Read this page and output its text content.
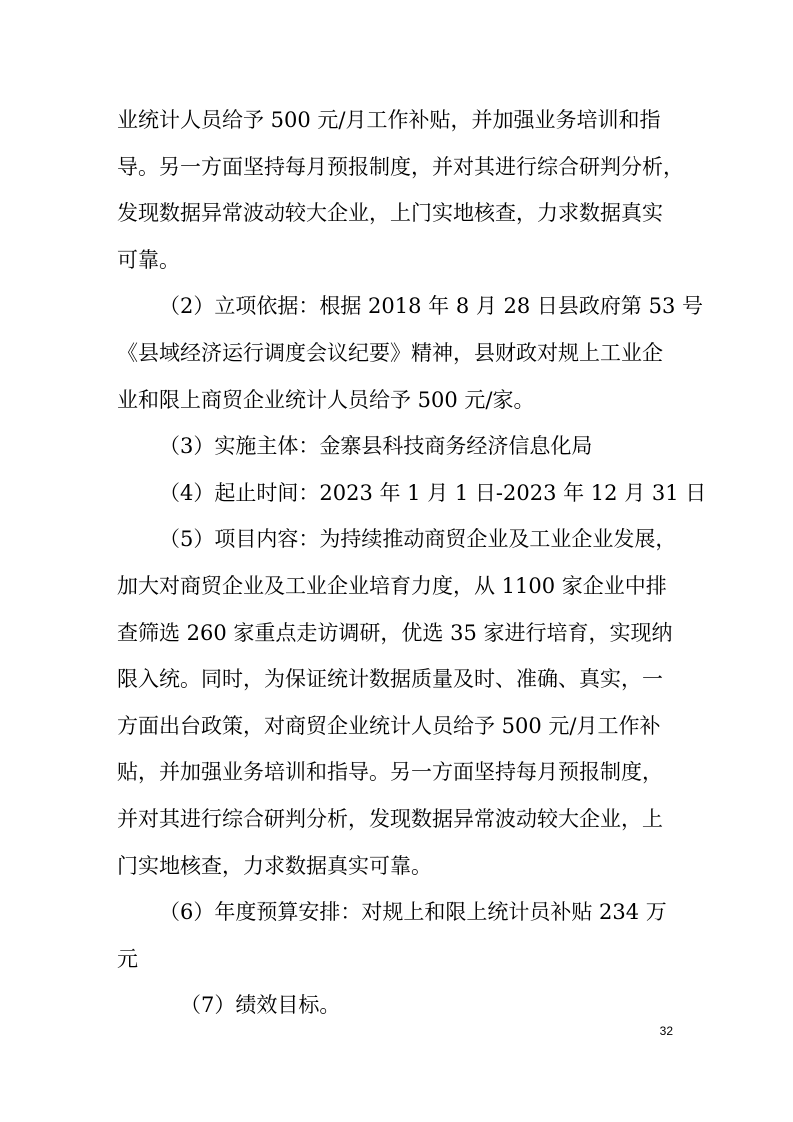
业统计人员给予 500 元/月工作补贴，并加强业务培训和指
导。另一方面坚持每月预报制度，并对其进行综合研判分析，
发现数据异常波动较大企业，上门实地核查，力求数据真实
可靠。
（2）立项依据：根据 2018 年 8 月 28 日县政府第 53 号
《县域经济运行调度会议纪要》精神，县财政对规上工业企
业和限上商贸企业统计人员给予 500 元/家。
（3）实施主体：金寨县科技商务经济信息化局
（4）起止时间：2023 年 1 月 1 日-2023 年 12 月 31 日
（5）项目内容：为持续推动商贸企业及工业企业发展，
加大对商贸企业及工业企业培育力度，从 1100 家企业中排
查筛选 260 家重点走访调研，优选 35 家进行培育，实现纳
限入统。同时，为保证统计数据质量及时、准确、真实，一
方面出台政策，对商贸企业统计人员给予 500 元/月工作补
贴，并加强业务培训和指导。另一方面坚持每月预报制度，
并对其进行综合研判分析，发现数据异常波动较大企业，上
门实地核查，力求数据真实可靠。
（6）年度预算安排：对规上和限上统计员补贴 234 万
元
（7）绩效目标。
32
